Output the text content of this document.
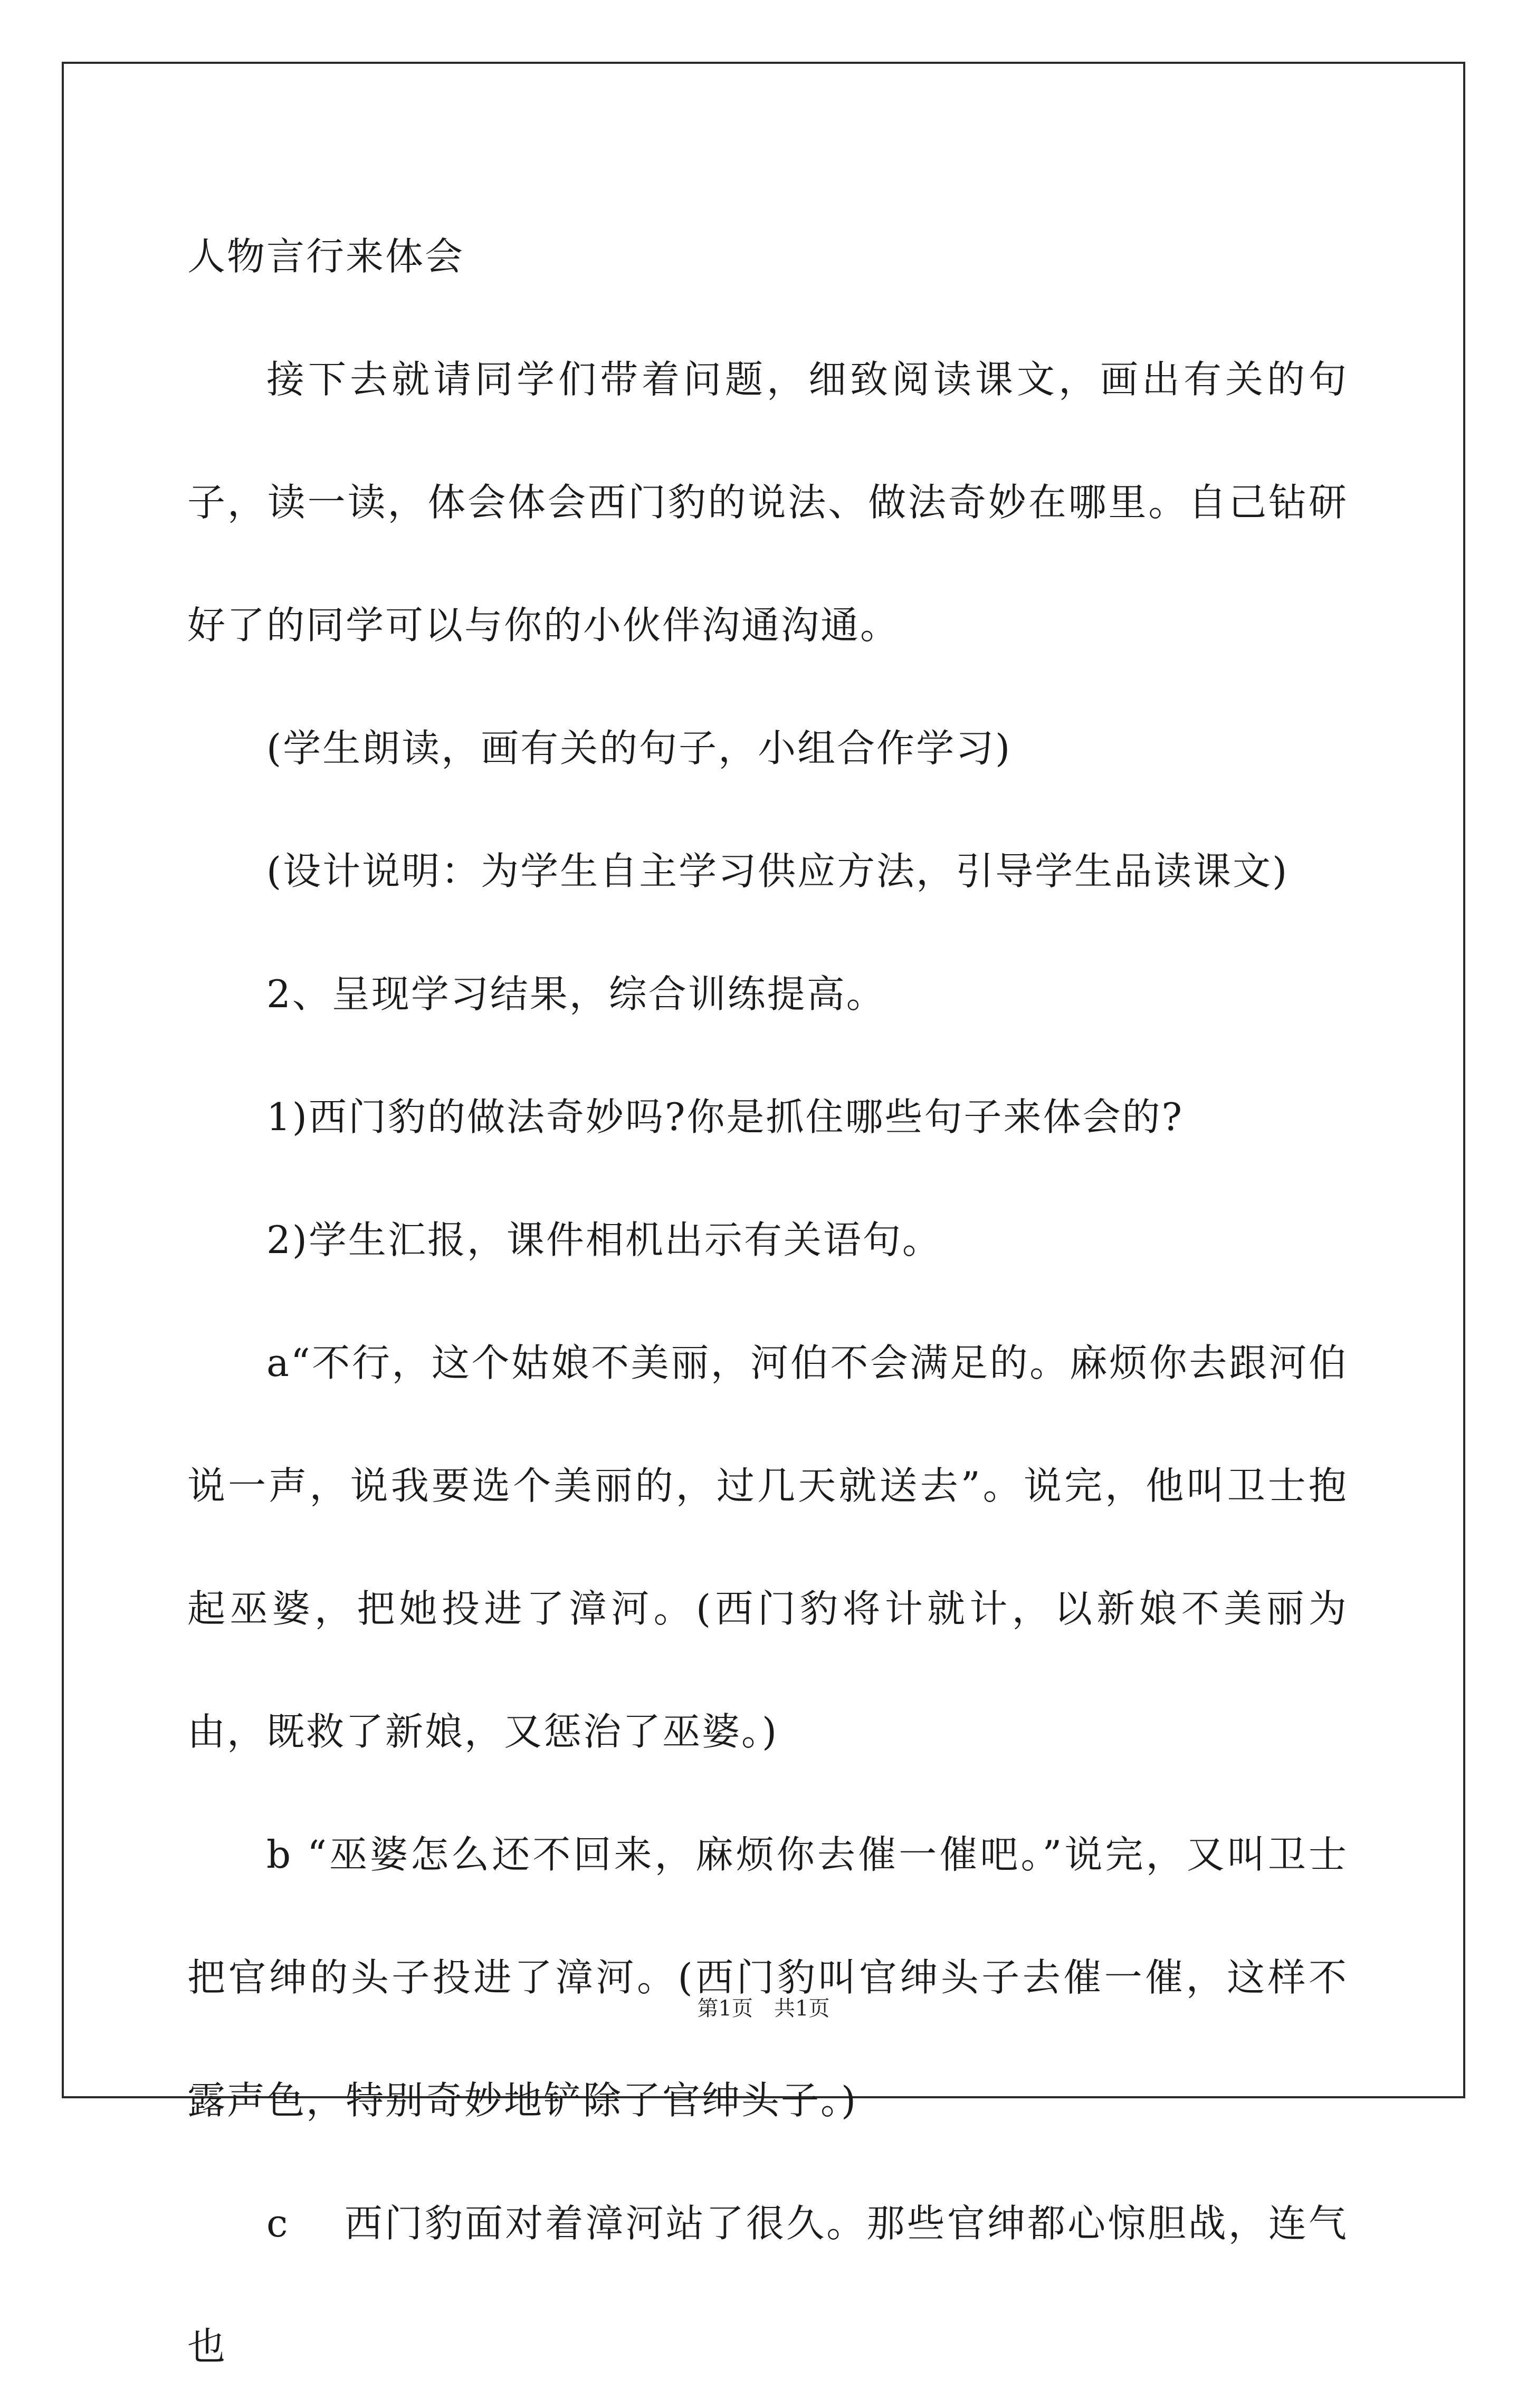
人物言行来体会

接下去就请同学们带着问题，细致阅读课文，画出有关的句子，读一读，体会体会西门豹的说法、做法奇妙在哪里。自己钻研好了的同学可以与你的小伙伴沟通沟通。

(学生朗读，画有关的句子，小组合作学习)

(设计说明：为学生自主学习供应方法，引导学生品读课文)

2、呈现学习结果，综合训练提高。

1)西门豹的做法奇妙吗?你是抓住哪些句子来体会的?

2)学生汇报，课件相机出示有关语句。

a“不行，这个姑娘不美丽，河伯不会满足的。麻烦你去跟河伯说一声，说我要选个美丽的，过几天就送去”。说完，他叫卫士抱起巫婆，把她投进了漳河。(西门豹将计就计，以新娘不美丽为由，既救了新娘，又惩治了巫婆。)

b “巫婆怎么还不回来，麻烦你去催一催吧。”说完，又叫卫士把官绅的头子投进了漳河。(西门豹叫官绅头子去催一催，这样不露声色，特别奇妙地铲除了官绅头子。)

c　 西门豹面对着漳河站了很久。那些官绅都心惊胆战，连气也

第1页　共1页
